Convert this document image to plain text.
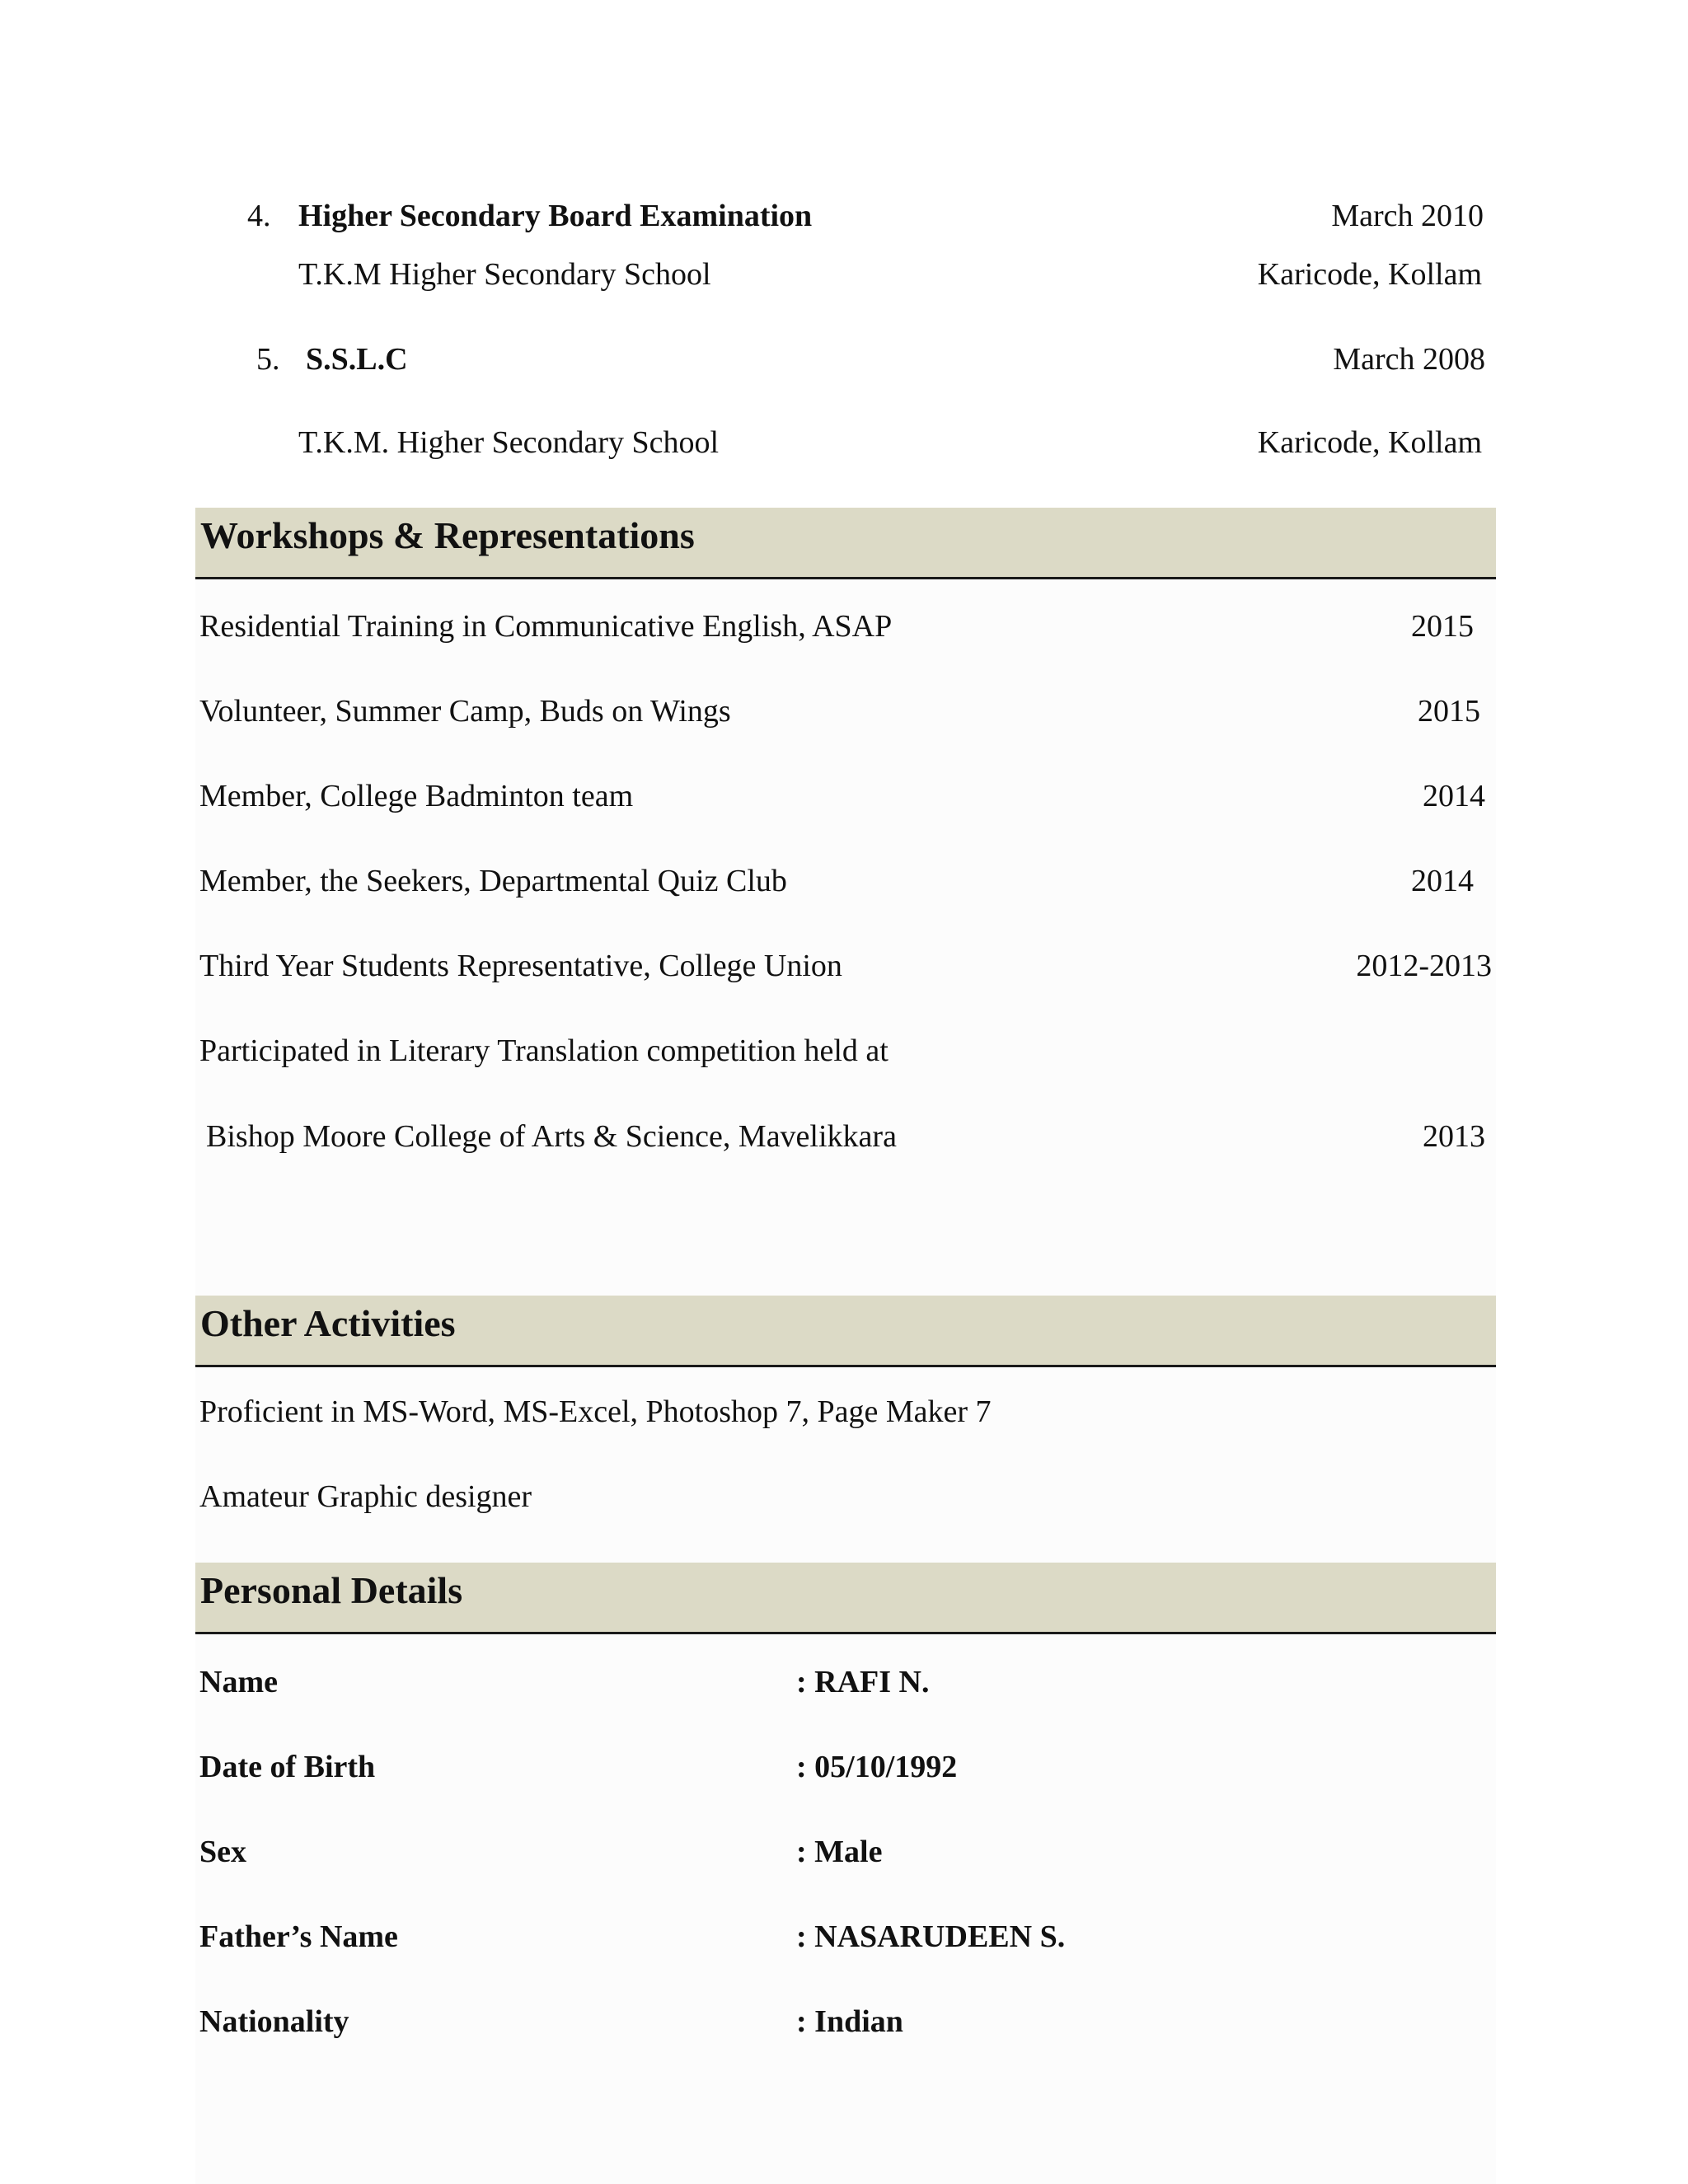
4. Higher Secondary Board Examination	March 2010
T.K.M Higher Secondary School	Karicode, Kollam
5. S.S.L.C	March 2008
T.K.M. Higher Secondary School	Karicode, Kollam
Workshops & Representations
Residential Training in Communicative English, ASAP	2015
Volunteer, Summer Camp, Buds on Wings	2015
Member, College Badminton team	2014
Member, the Seekers, Departmental Quiz Club	2014
Third Year Students Representative, College Union	2012-2013
Participated in Literary Translation competition held at
Bishop Moore College of Arts & Science, Mavelikkara	2013
Other Activities
Proficient in MS-Word, MS-Excel, Photoshop 7, Page Maker 7
Amateur Graphic designer
Personal Details
Name	: RAFI N.
Date of Birth	: 05/10/1992
Sex	: Male
Father’s Name	: NASARUDEEN S.
Nationality	: Indian
